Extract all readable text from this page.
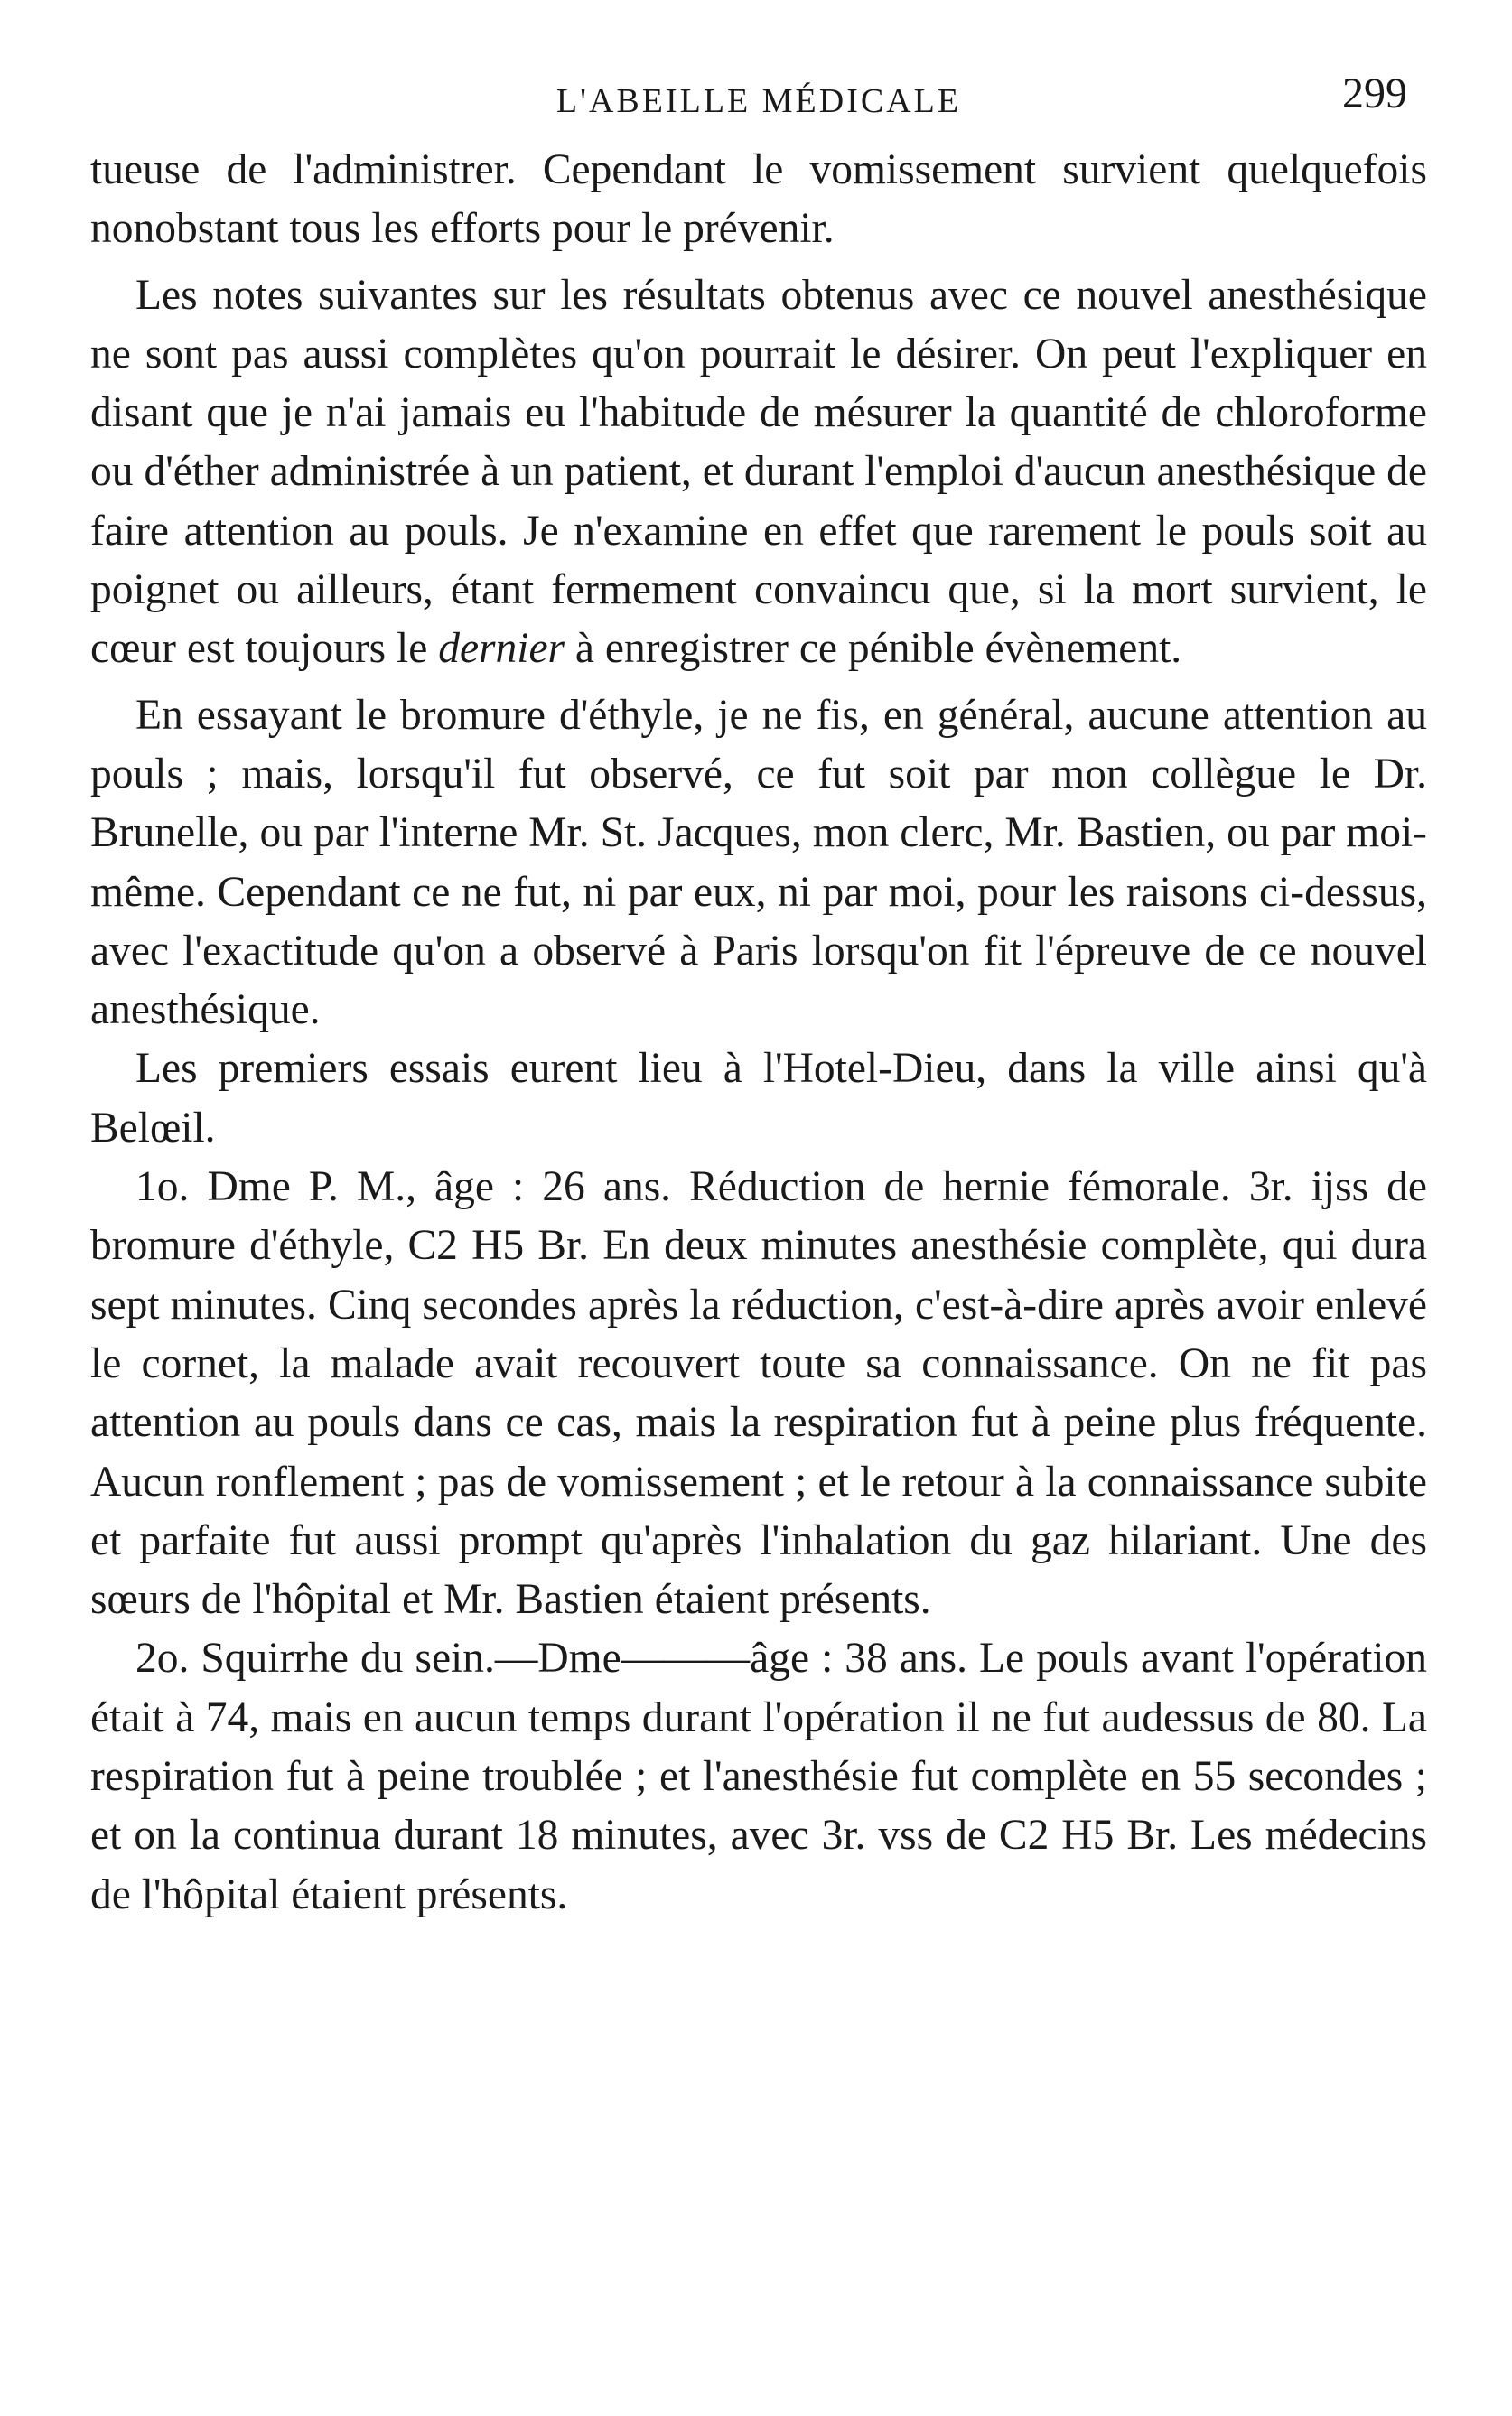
L'ABEILLE MÉDICALE	299

tueuse de l'administrer. Cependant le vomissement survient quelquefois nonobstant tous les efforts pour le prévenir.

Les notes suivantes sur les résultats obtenus avec ce nouvel anesthésique ne sont pas aussi complètes qu'on pourrait le désirer. On peut l'expliquer en disant que je n'ai jamais eu l'habitude de mésurer la quantité de chloroforme ou d'éther administrée à un patient, et durant l'emploi d'aucun anesthésique de faire attention au pouls. Je n'examine en effet que rarement le pouls soit au poignet ou ailleurs, étant fermement convaincu que, si la mort survient, le cœur est toujours le dernier à enregistrer ce pénible évènement.

En essayant le bromure d'éthyle, je ne fis, en général, aucune attention au pouls ; mais, lorsqu'il fut observé, ce fut soit par mon collègue le Dr. Brunelle, ou par l'interne Mr. St. Jacques, mon clerc, Mr. Bastien, ou par moi-même. Cependant ce ne fut, ni par eux, ni par moi, pour les raisons ci-dessus, avec l'exactitude qu'on a observé à Paris lorsqu'on fit l'épreuve de ce nouvel anesthésique.

Les premiers essais eurent lieu à l'Hotel-Dieu, dans la ville ainsi qu'à Belœil.

1o. Dme P. M., âge : 26 ans. Réduction de hernie fémorale. 3r. ijss de bromure d'éthyle, C2 H5 Br. En deux minutes anesthésie complète, qui dura sept minutes. Cinq secondes après la réduction, c'est-à-dire après avoir enlevé le cornet, la malade avait recouvert toute sa connaissance. On ne fit pas attention au pouls dans ce cas, mais la respiration fut à peine plus fréquente. Aucun ronflement ; pas de vomissement ; et le retour à la connaissance subite et parfaite fut aussi prompt qu'après l'inhalation du gaz hilariant. Une des sœurs de l'hôpital et Mr. Bastien étaient présents.

2o. Squirrhe du sein.—Dme———âge : 38 ans. Le pouls avant l'opération était à 74, mais en aucun temps durant l'opération il ne fut audessus de 80. La respiration fut à peine troublée ; et l'anesthésie fut complète en 55 secondes ; et on la continua durant 18 minutes, avec 3r. vss de C2 H5 Br. Les médecins de l'hôpital étaient présents.
